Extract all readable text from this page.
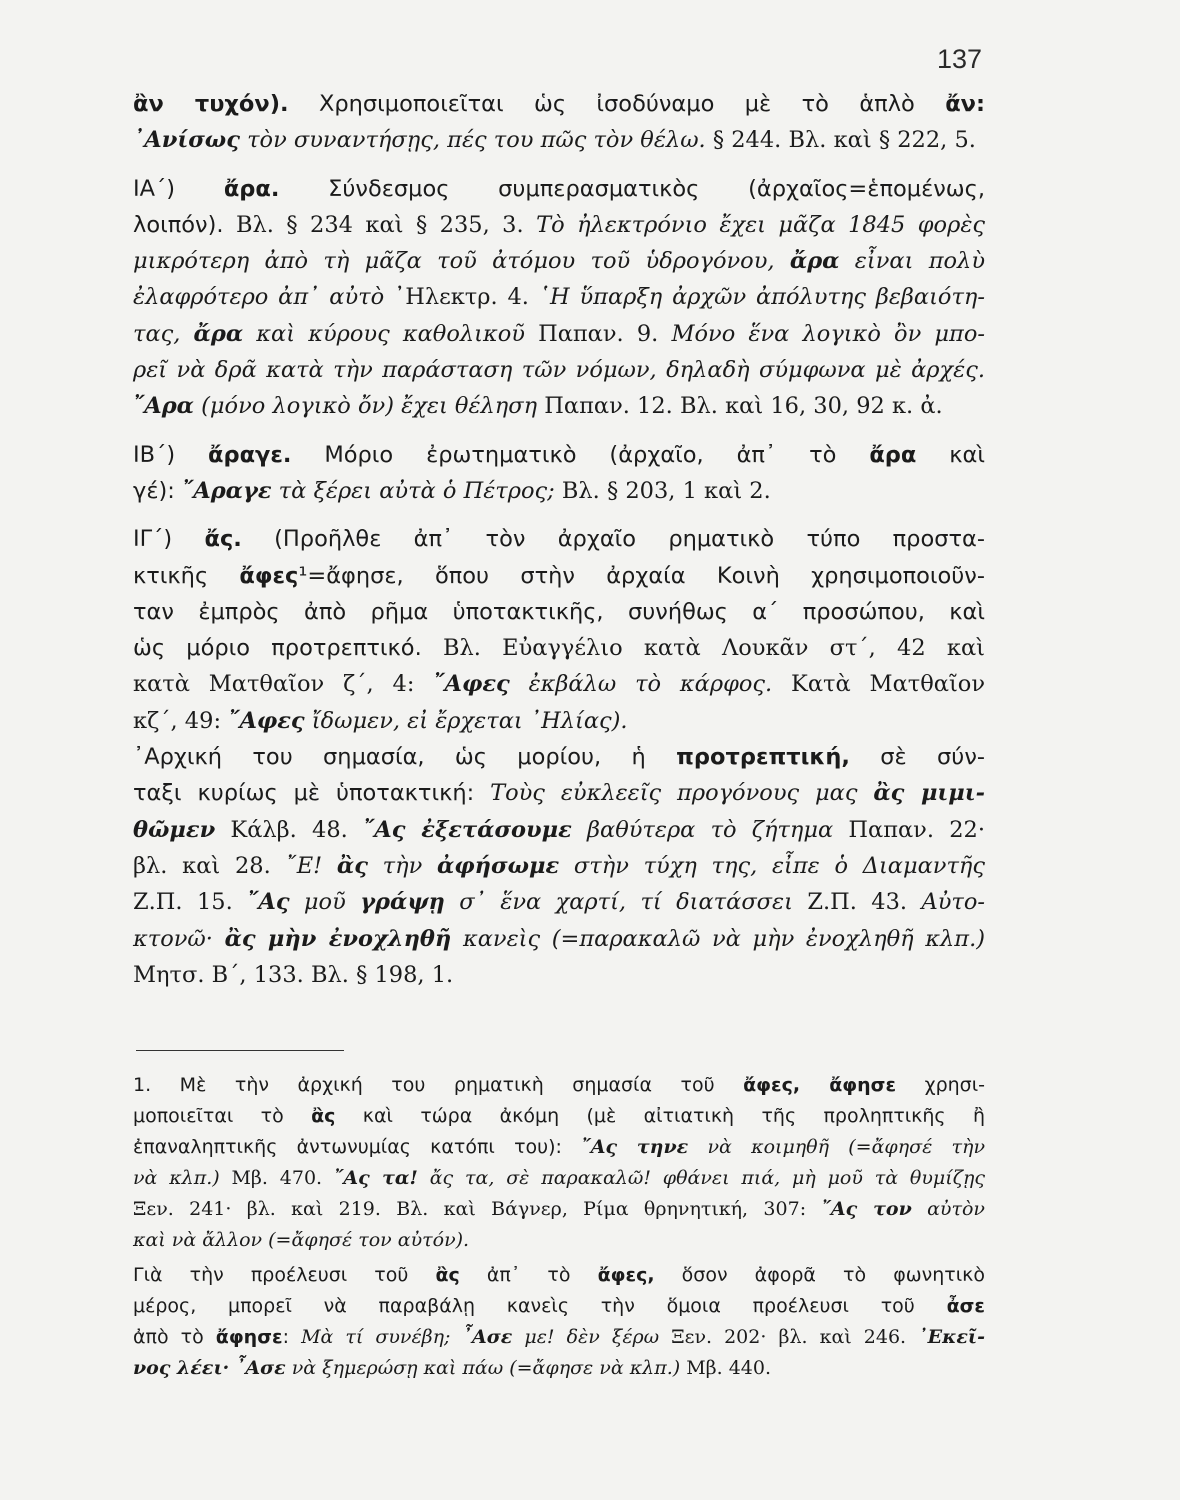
137
ἂν τυχόν). Χρησιμοποιεῖται ὡς ἰσοδύναμο μὲ τὸ ἁπλὸ ἄν:
᾿Ανίσως τὸν συναντήσῃς, πές του πῶς τὸν θέλω. § 244. Βλ. καὶ § 222, 5.
ΙΑ΄) ἄρα. Σύνδεσμος συμπερασματικὸς (ἀρχαῖος=ἑπομένως,
λοιπόν). Βλ. § 234 καὶ § 235, 3. Τὸ ἠλεκτρόνιο ἔχει μᾶζα 1845 φορὲς
μικρότερη ἀπὸ τὴ μᾶζα τοῦ ἀτόμου τοῦ ὑδρογόνου, ἄρα εἶναι πολὺ
ἐλαφρότερο ἀπ᾿ αὐτὸ ᾿Ηλεκτρ. 4. ῾Η ὕπαρξη ἀρχῶν ἀπόλυτης βεβαιότη-
τας, ἄρα καὶ κύρους καθολικοῦ Παπαν. 9. Μόνο ἕνα λογικὸ ὂν μπο-
ρεῖ νὰ δρᾶ κατὰ τὴν παράσταση τῶν νόμων, δηλαδὴ σύμφωνα μὲ ἀρχές.
῎Αρα (μόνο λογικὸ ὄν) ἔχει θέληση Παπαν. 12. Βλ. καὶ 16, 30, 92 κ. ἀ.
ΙΒ΄) ἄραγε. Μόριο ἐρωτηματικὸ (ἀρχαῖο, ἀπ᾿ τὸ ἄρα καὶ
γέ): ῎Αραγε τὰ ξέρει αὐτὰ ὁ Πέτρος; Βλ. § 203, 1 καὶ 2.
ΙΓ΄) ἄς. (Προῆλθε ἀπ᾿ τὸν ἀρχαῖο ρηματικὸ τύπο προστα-
κτικῆς ἄφες¹=ἄφησε, ὅπου στὴν ἀρχαία Κοινὴ χρησιμοποιοῦν-
ταν ἐμπρὸς ἀπὸ ρῆμα ὑποτακτικῆς, συνήθως α΄ προσώπου, καὶ
ὡς μόριο προτρεπτικό. Βλ. Εὐαγγέλιο κατὰ Λουκᾶν στ΄, 42 καὶ
κατὰ Ματθαῖον ζ΄, 4: ῎Αφες ἐκβάλω τὸ κάρφος. Κατὰ Ματθαῖον
κζ΄, 49: ῎Αφες ἴδωμεν, εἰ ἔρχεται ᾿Ηλίας).
᾿Αρχική του σημασία, ὡς μορίου, ἡ προτρεπτική, σὲ σύν-
ταξι κυρίως μὲ ὑποτακτική: Τοὺς εὐκλεεῖς προγόνους μας ἂς μιμι-
θῶμεν Κάλβ. 48. ῎Ας ἐξετάσουμε βαθύτερα τὸ ζήτημα Παπαν. 22·
βλ. καὶ 28. ῎Ε! ἂς τὴν ἀφήσωμε στὴν τύχη της, εἶπε ὁ Διαμαντῆς
Ζ.Π. 15. ῎Ας μοῦ γράψῃ σ᾿ ἕνα χαρτί, τί διατάσσει Ζ.Π. 43. Αὐτο-
κτονῶ· ἂς μὴν ἐνοχληθῆ κανεὶς (=παρακαλῶ νὰ μὴν ἐνοχληθῆ κλπ.)
Μητσ. Β΄, 133. Βλ. § 198, 1.
1. Μὲ τὴν ἀρχική του ρηματικὴ σημασία τοῦ ἄφες, ἄφησε χρησι-
μοποιεῖται τὸ ἂς καὶ τώρα ἀκόμη (μὲ αἰτιατικὴ τῆς προληπτικῆς ἢ
ἐπαναληπτικῆς ἀντωνυμίας κατόπι του): ῎Ας τηνε νὰ κοιμηθῆ (=ἄφησέ τὴν
νὰ κλπ.) Μβ. 470. ῎Ας τα! ἄς τα, σὲ παρακαλῶ! φθάνει πιά, μὴ μοῦ τὰ θυμίζῃς
Ξεν. 241· βλ. καὶ 219. Βλ. καὶ Βάγνερ, Ρίμα θρηνητική, 307: ῎Ας τον αὐτὸν
καὶ νὰ ἄλλον (=ἄφησέ τον αὐτόν).
Γιὰ τὴν προέλευσι τοῦ ἂς ἀπ᾿ τὸ ἄφες, ὅσον ἀφορᾶ τὸ φωνητικὸ
μέρος, μπορεῖ νὰ παραβάλῃ κανεὶς τὴν ὅμοια προέλευσι τοῦ ἆσε
ἀπὸ τὸ ἄφησε: Μὰ τί συνέβη; ῏Ασε με! δὲν ξέρω Ξεν. 202· βλ. καὶ 246. ᾿Εκεῖ-
νος λέει· ῏Ασε νὰ ξημερώσῃ καὶ πάω (=ἄφησε νὰ κλπ.) Μβ. 440.
